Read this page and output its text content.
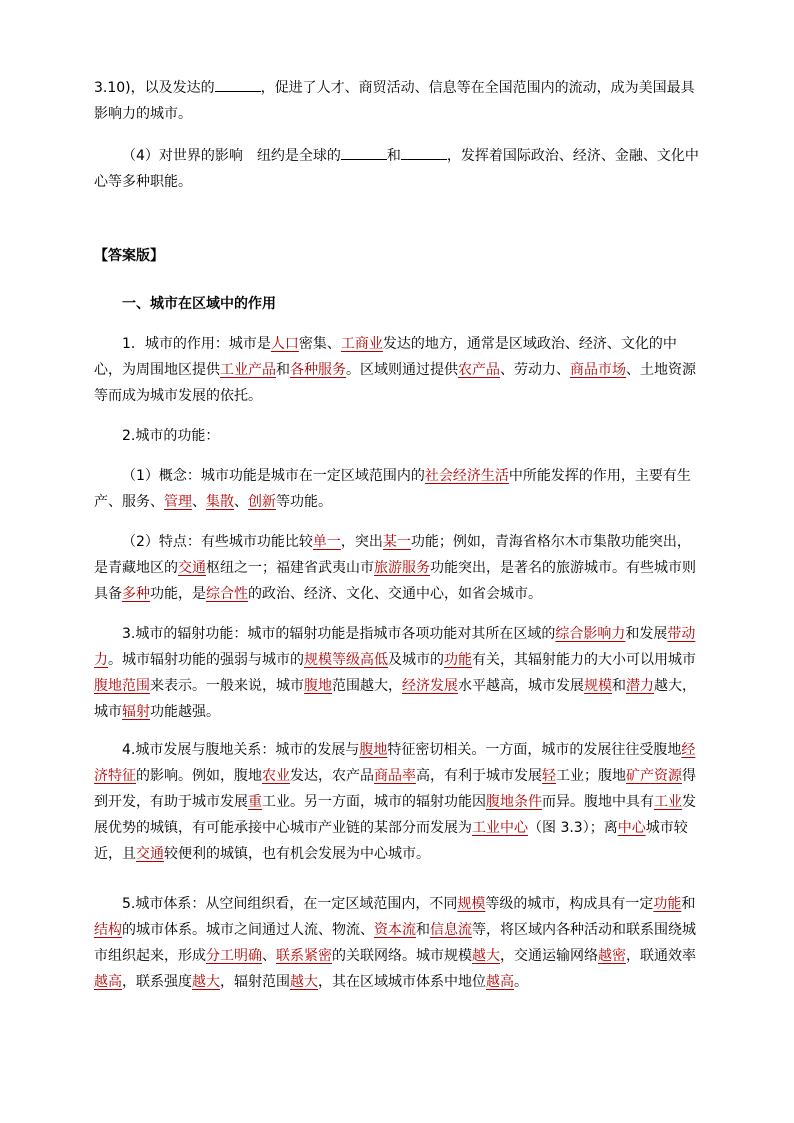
3.10)，以及发达的	，促进了人才、商贸活动、信息等在全国范围内的流动，成为美国最具影响力的城市。

（4）对世界的影响　纽约是全球的	和	，发挥着国际政治、经济、金融、文化中心等多种职能。

【答案版】

一、城市在区域中的作用

1．城市的作用：城市是人口密集、工商业发达的地方，通常是区域政治、经济、文化的中心，为周围地区提供工业产品和各种服务。区域则通过提供农产品、劳动力、商品市场、土地资源等而成为城市发展的依托。

2.城市的功能：

（1）概念：城市功能是城市在一定区域范围内的社会经济生活中所能发挥的作用，主要有生产、服务、管理、集散、创新等功能。

（2）特点：有些城市功能比较单一，突出某一功能；例如，青海省格尔木市集散功能突出，是青藏地区的交通枢纽之一；福建省武夷山市旅游服务功能突出，是著名的旅游城市。有些城市则具备多种功能，是综合性的政治、经济、文化、交通中心，如省会城市。

3.城市的辐射功能：城市的辐射功能是指城市各项功能对其所在区域的综合影响力和发展带动力。城市辐射功能的强弱与城市的规模等级高低及城市的功能有关，其辐射能力的大小可以用城市腹地范围来表示。一般来说，城市腹地范围越大，经济发展水平越高，城市发展规模和潜力越大，城市辐射功能越强。

4.城市发展与腹地关系：城市的发展与腹地特征密切相关。一方面，城市的发展往往受腹地经济特征的影响。例如，腹地农业发达，农产品商品率高，有利于城市发展轻工业；腹地矿产资源得到开发，有助于城市发展重工业。另一方面，城市的辐射功能因腹地条件而异。腹地中具有工业发展优势的城镇，有可能承接中心城市产业链的某部分而发展为工业中心（图 3.3）；离中心城市较近，且交通较便利的城镇，也有机会发展为中心城市。

5.城市体系：从空间组织看，在一定区域范围内，不同规模等级的城市，构成具有一定功能和结构的城市体系。城市之间通过人流、物流、资本流和信息流等，将区域内各种活动和联系围绕城市组织起来，形成分工明确、联系紧密的关联网络。城市规模越大，交通运输网络越密，联通效率越高，联系强度越大，辐射范围越大，其在区域城市体系中地位越高。
